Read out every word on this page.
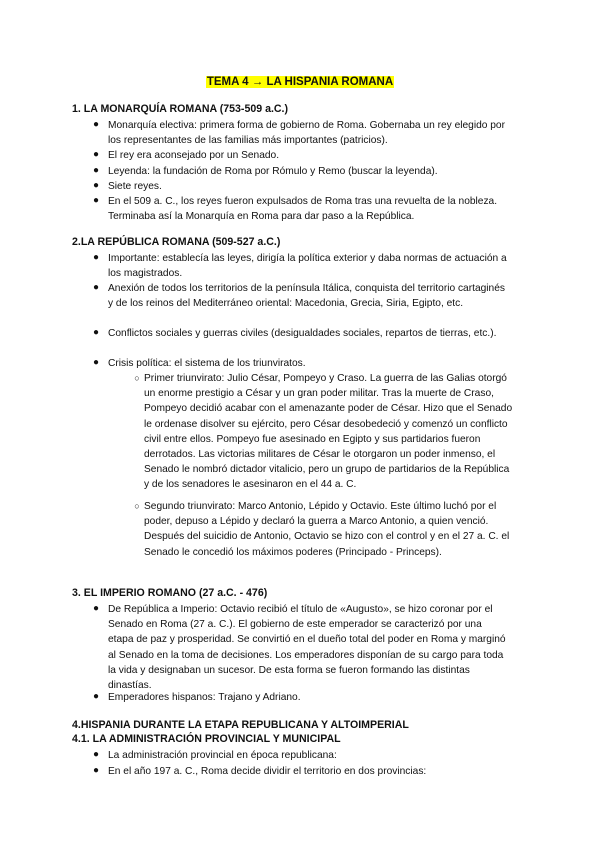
TEMA 4 → LA HISPANIA ROMANA
1. LA MONARQUÍA ROMANA (753-509 a.C.)
● Monarquía electiva: primera forma de gobierno de Roma. Gobernaba un rey elegido por los representantes de las familias más importantes (patricios).
● El rey era aconsejado por un Senado.
● Leyenda: la fundación de Roma por Rómulo y Remo (buscar la leyenda).
● Siete reyes.
● En el 509 a. C., los reyes fueron expulsados de Roma tras una revuelta de la nobleza. Terminaba así la Monarquía en Roma para dar paso a la República.
2.LA REPÚBLICA ROMANA (509-527 a.C.)
● Importante: establecía las leyes, dirigía la política exterior y daba normas de actuación a los magistrados.
● Anexión de todos los territorios de la península Itálica, conquista del territorio cartaginés y de los reinos del Mediterráneo oriental: Macedonia, Grecia, Siria, Egipto, etc.
● Conflictos sociales y guerras civiles (desigualdades sociales, repartos de tierras, etc.).
● Crisis política: el sistema de los triunviratos.
○ Primer triunvirato: Julio César, Pompeyo y Craso. La guerra de las Galias otorgó un enorme prestigio a César y un gran poder militar. Tras la muerte de Craso, Pompeyo decidió acabar con el amenazante poder de César. Hizo que el Senado le ordenase disolver su ejército, pero César desobedeció y comenzó un conflicto civil entre ellos. Pompeyo fue asesinado en Egipto y sus partidarios fueron derrotados. Las victorias militares de César le otorgaron un poder inmenso, el Senado le nombró dictador vitalicio, pero un grupo de partidarios de la República y de los senadores le asesinaron en el 44 a. C.
○ Segundo triunvirato: Marco Antonio, Lépido y Octavio. Este último luchó por el poder, depuso a Lépido y declaró la guerra a Marco Antonio, a quien venció. Después del suicidio de Antonio, Octavio se hizo con el control y en el 27 a. C. el Senado le concedió los máximos poderes (Principado - Princeps).
3. EL IMPERIO ROMANO (27 a.C. - 476)
● De República a Imperio: Octavio recibió el título de «Augusto», se hizo coronar por el Senado en Roma (27 a. C.). El gobierno de este emperador se caracterizó por una etapa de paz y prosperidad. Se convirtió en el dueño total del poder en Roma y marginó al Senado en la toma de decisiones. Los emperadores disponían de su cargo para toda la vida y designaban un sucesor. De esta forma se fueron formando las distintas dinastías.
● Emperadores hispanos: Trajano y Adriano.
4.HISPANIA DURANTE LA ETAPA REPUBLICANA Y ALTOIMPERIAL
4.1. LA ADMINISTRACIÓN PROVINCIAL Y MUNICIPAL
● La administración provincial en época republicana:
● En el año 197 a. C., Roma decide dividir el territorio en dos provincias:
